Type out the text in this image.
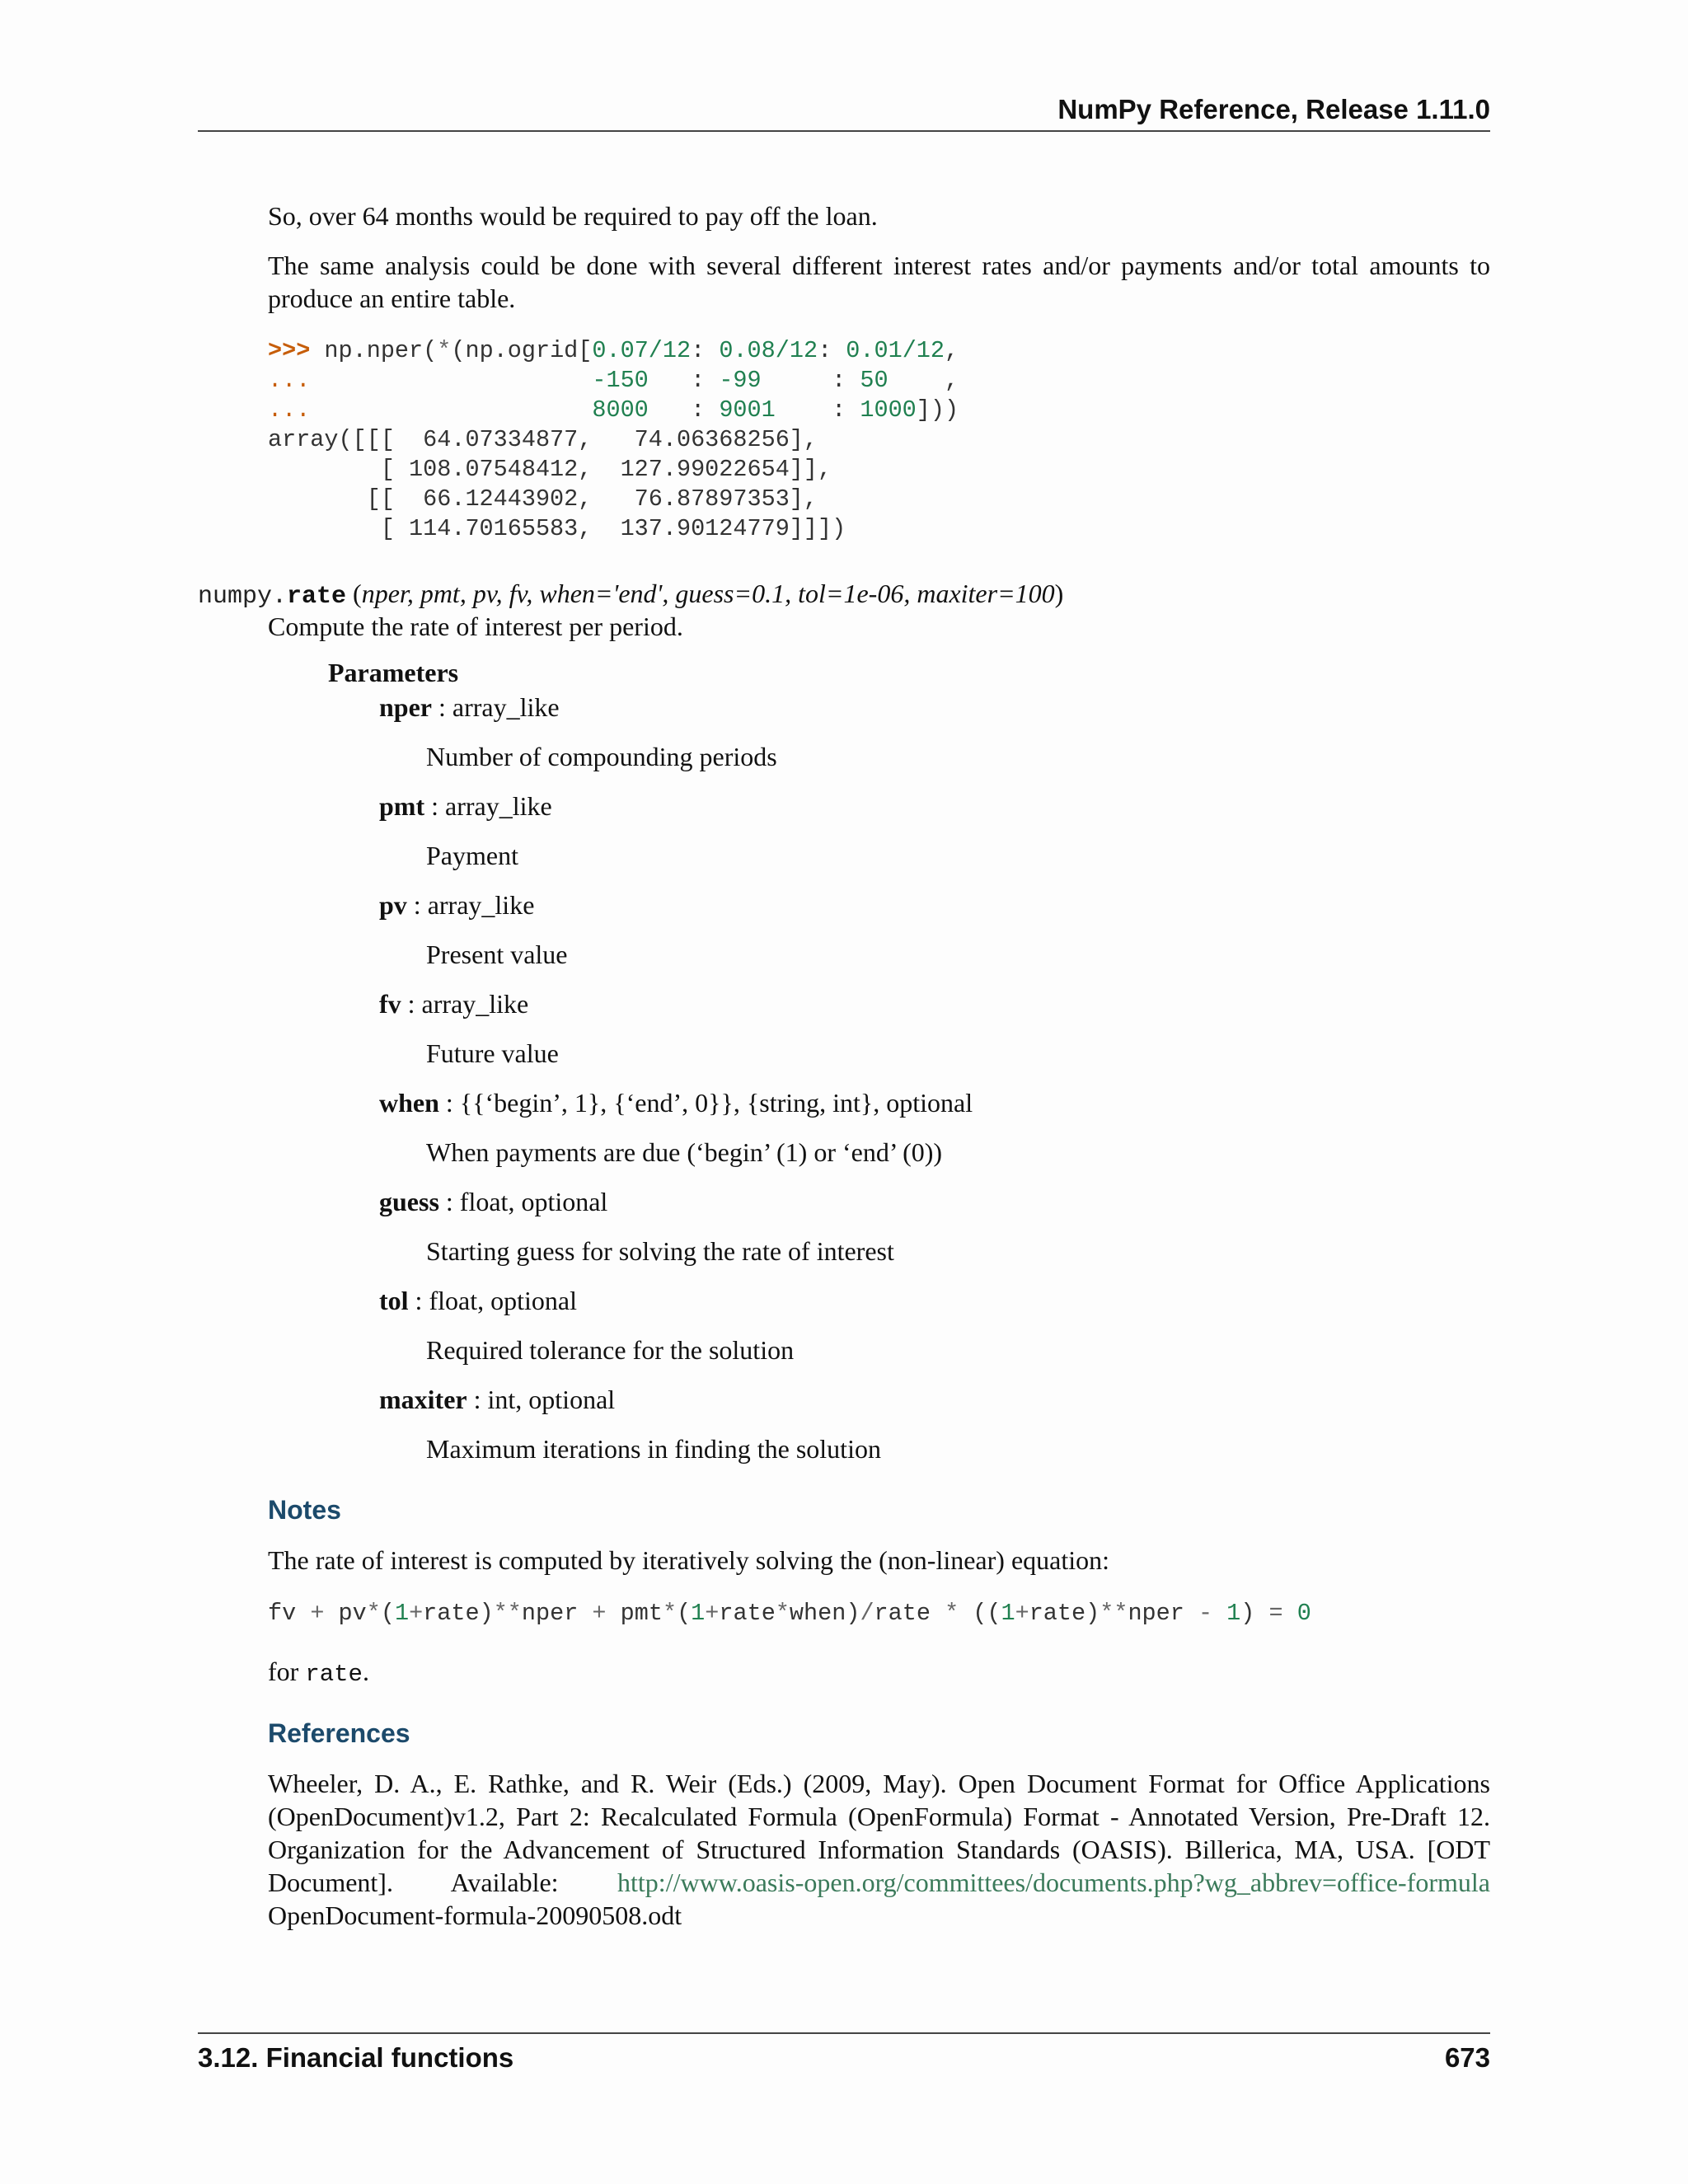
NumPy Reference, Release 1.11.0
So, over 64 months would be required to pay off the loan.
The same analysis could be done with several different interest rates and/or payments and/or total amounts to produce an entire table.
>>> np.nper(*(np.ogrid[0.07/12: 0.08/12: 0.01/12,
...	-150   : -99     : 50    ,
...	8000   : 9001    : 1000]))
array([[[  64.07334877,   74.06368256],
[ 108.07548412,  127.99022654]],
[[  66.12443902,   76.87897353],
[ 114.70165583,  137.90124779]]])
numpy.rate (nper, pmt, pv, fv, when='end', guess=0.1, tol=1e-06, maxiter=100)
Compute the rate of interest per period.
Parameters
nper : array_like
Number of compounding periods
pmt : array_like
Payment
pv : array_like
Present value
fv : array_like
Future value
when : {{‘begin’, 1}, {‘end’, 0}}, {string, int}, optional
When payments are due (‘begin’ (1) or ‘end’ (0))
guess : float, optional
Starting guess for solving the rate of interest
tol : float, optional
Required tolerance for the solution
maxiter : int, optional
Maximum iterations in finding the solution
Notes
The rate of interest is computed by iteratively solving the (non-linear) equation:
fv + pv*(1+rate)**nper + pmt*(1+rate*when)/rate * ((1+rate)**nper - 1) = 0
for rate.
References
Wheeler, D. A., E. Rathke, and R. Weir (Eds.) (2009, May). Open Document Format for Office Applications (OpenDocument)v1.2, Part 2: Recalculated Formula (OpenFormula) Format - Annotated Version, Pre-Draft 12. Organization for the Advancement of Structured Information Standards (OASIS). Billerica, MA, USA. [ODT Document]. Available: http://www.oasis-open.org/committees/documents.php?wg_abbrev=office-formula OpenDocument-formula-20090508.odt
3.12. Financial functions	673
